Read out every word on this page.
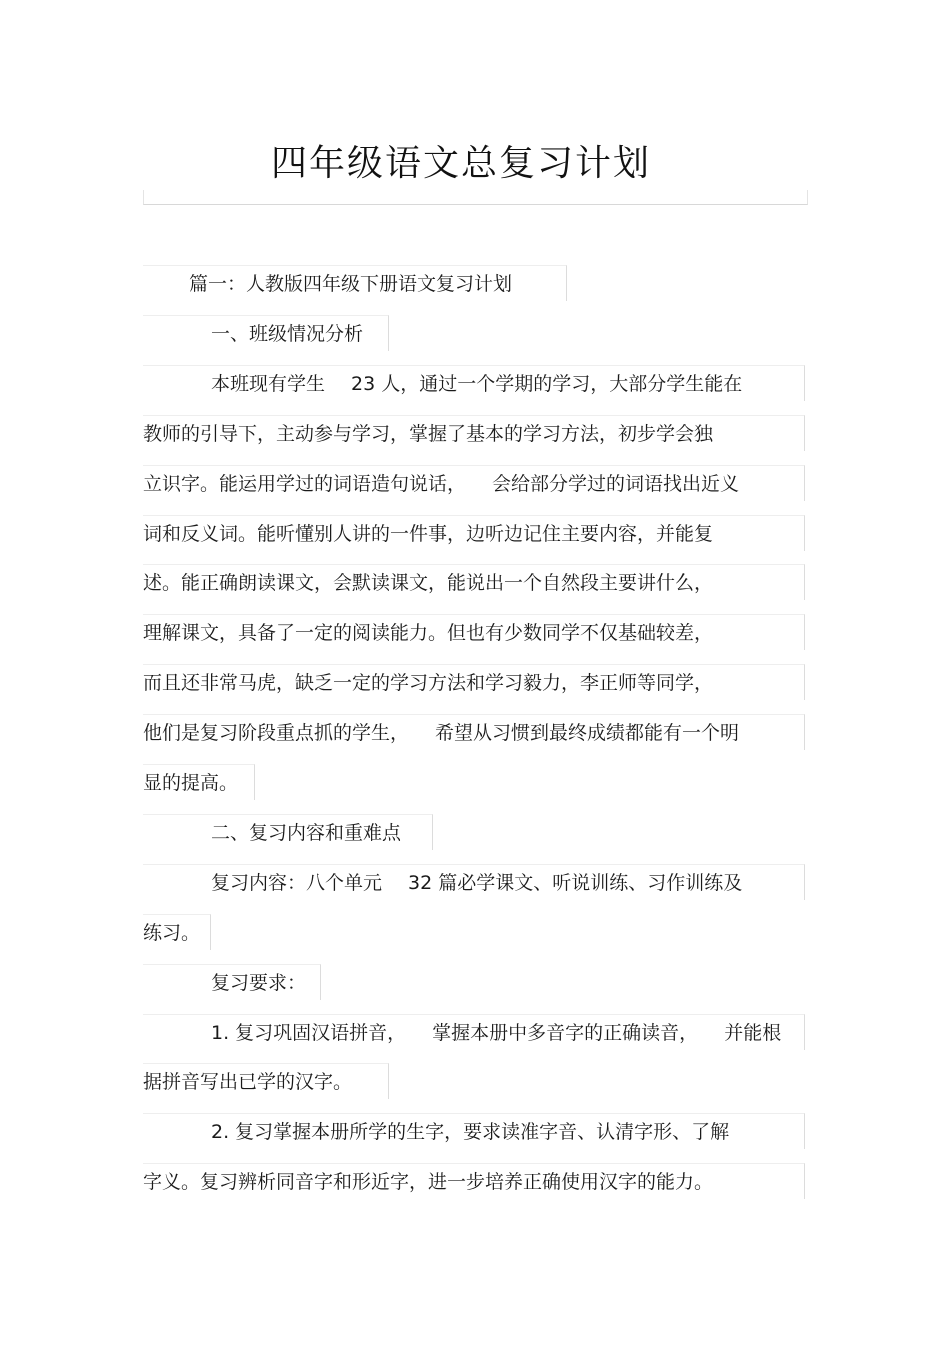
四年级语文总复习计划
篇一：人教版四年级下册语文复习计划
一、班级情况分析
本班现有学生 23 人，通过一个学期的学习，大部分学生能在
教师的引导下，主动参与学习，掌握了基本的学习方法，初步学会独
立识字。能运用学过的词语造句说话， 会给部分学过的词语找出近义
词和反义词。能听懂别人讲的一件事，边听边记住主要内容，并能复
述。能正确朗读课文，会默读课文，能说出一个自然段主要讲什么，
理解课文，具备了一定的阅读能力。但也有少数同学不仅基础较差，
而且还非常马虎，缺乏一定的学习方法和学习毅力，李正师等同学，
他们是复习阶段重点抓的学生， 希望从习惯到最终成绩都能有一个明
显的提高。
二、复习内容和重难点
复习内容：八个单元 32 篇必学课文、听说训练、习作训练及
练习。
复习要求：
1. 复习巩固汉语拼音， 掌握本册中多音字的正确读音， 并能根
据拼音写出已学的汉字。
2. 复习掌握本册所学的生字，要求读准字音、认清字形、了解
字义。复习辨析同音字和形近字，进一步培养正确使用汉字的能力。
